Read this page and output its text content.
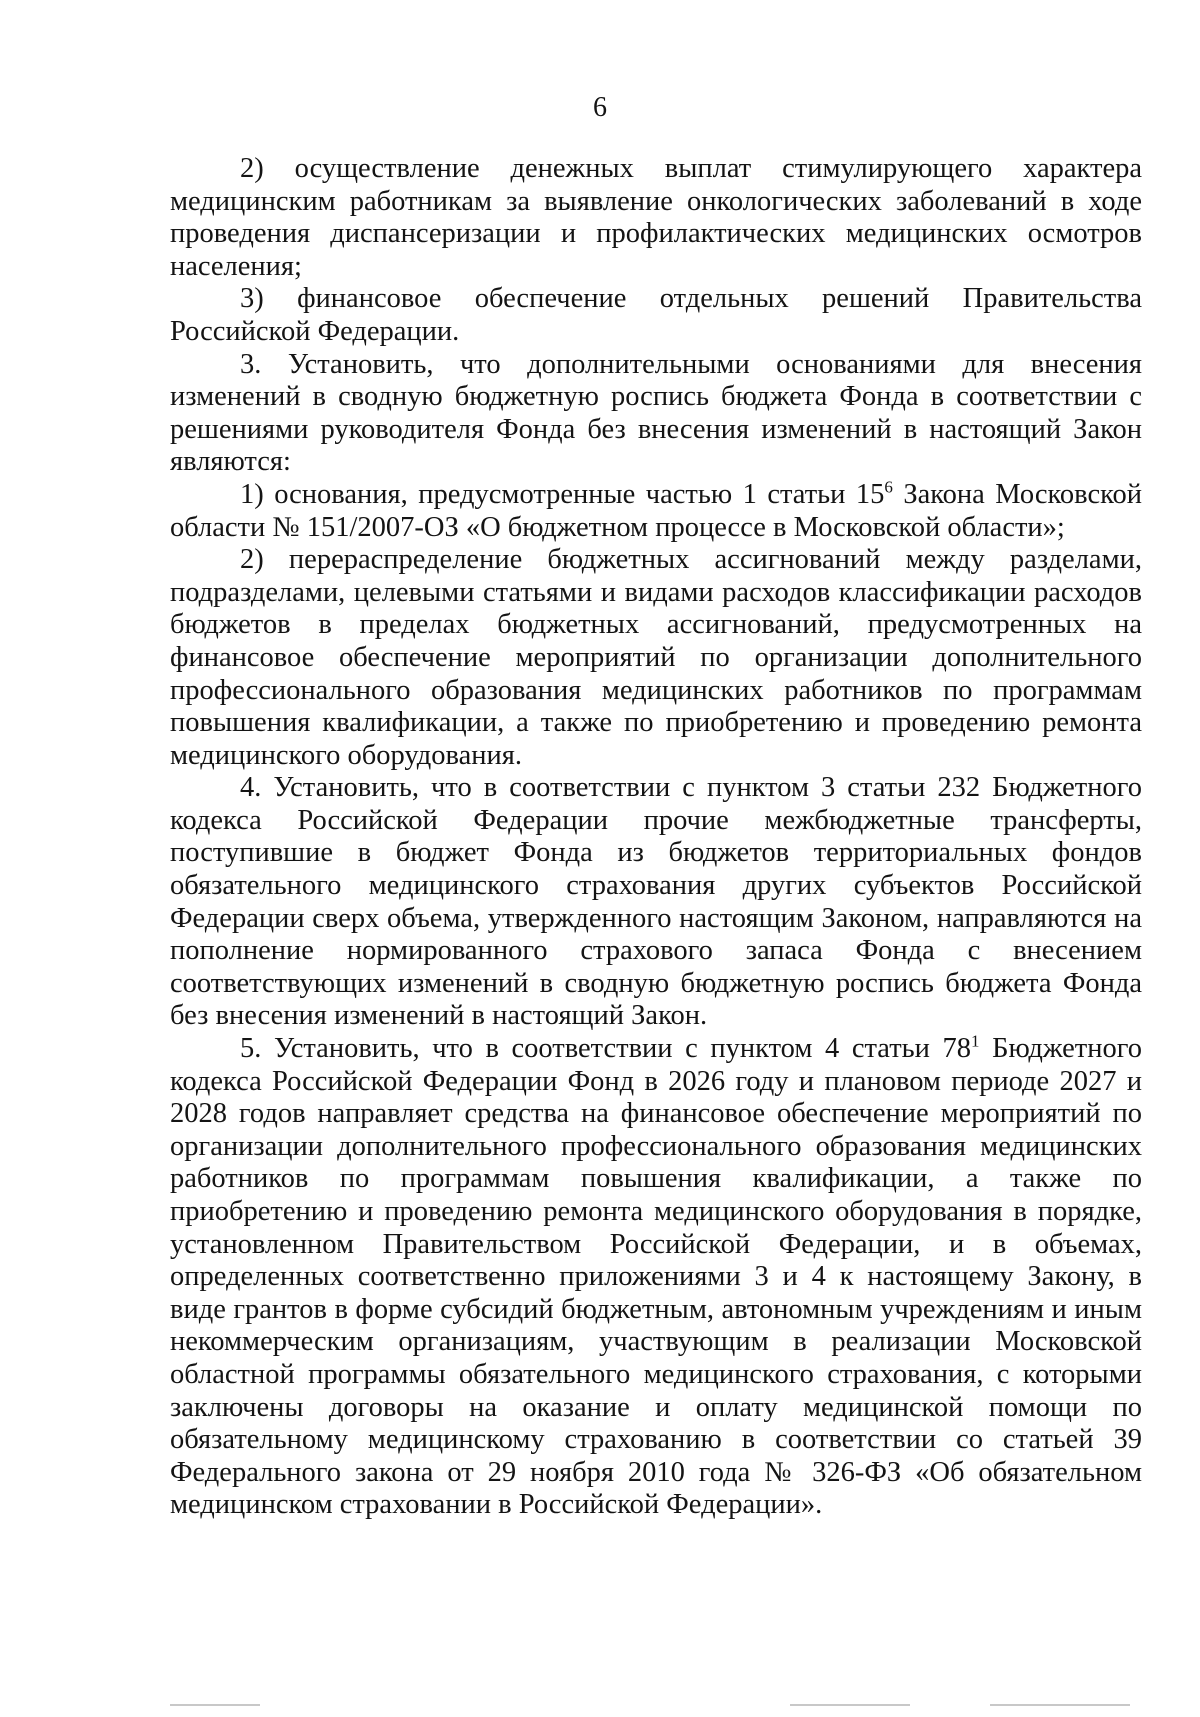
6

2) осуществление денежных выплат стимулирующего характера медицинским работникам за выявление онкологических заболеваний в ходе проведения диспансеризации и профилактических медицинских осмотров населения;

3) финансовое обеспечение отдельных решений Правительства Российской Федерации.

3. Установить, что дополнительными основаниями для внесения изменений в сводную бюджетную роспись бюджета Фонда в соответствии с решениями руководителя Фонда без внесения изменений в настоящий Закон являются:

1) основания, предусмотренные частью 1 статьи $15^6$ Закона Московской области № 151/2007-ОЗ «О бюджетном процессе в Московской области»;

2) перераспределение бюджетных ассигнований между разделами, подразделами, целевыми статьями и видами расходов классификации расходов бюджетов в пределах бюджетных ассигнований, предусмотренных на финансовое обеспечение мероприятий по организации дополнительного профессионального образования медицинских работников по программам повышения квалификации, а также по приобретению и проведению ремонта медицинского оборудования.

4. Установить, что в соответствии с пунктом 3 статьи 232 Бюджетного кодекса Российской Федерации прочие межбюджетные трансферты, поступившие в бюджет Фонда из бюджетов территориальных фондов обязательного медицинского страхования других субъектов Российской Федерации сверх объема, утвержденного настоящим Законом, направляются на пополнение нормированного страхового запаса Фонда с внесением соответствующих изменений в сводную бюджетную роспись бюджета Фонда без внесения изменений в настоящий Закон.

5. Установить, что в соответствии с пунктом 4 статьи $78^1$ Бюджетного кодекса Российской Федерации Фонд в 2026 году и плановом периоде 2027 и 2028 годов направляет средства на финансовое обеспечение мероприятий по организации дополнительного профессионального образования медицинских работников по программам повышения квалификации, а также по приобретению и проведению ремонта медицинского оборудования в порядке, установленном Правительством Российской Федерации, и в объемах, определенных соответственно приложениями 3 и 4 к настоящему Закону, в виде грантов в форме субсидий бюджетным, автономным учреждениям и иным некоммерческим организациям, участвующим в реализации Московской областной программы обязательного медицинского страхования, с которыми заключены договоры на оказание и оплату медицинской помощи по обязательному медицинскому страхованию в соответствии со статьей 39 Федерального закона от 29 ноября 2010 года № 326-ФЗ «Об обязательном медицинском страховании в Российской Федерации».
